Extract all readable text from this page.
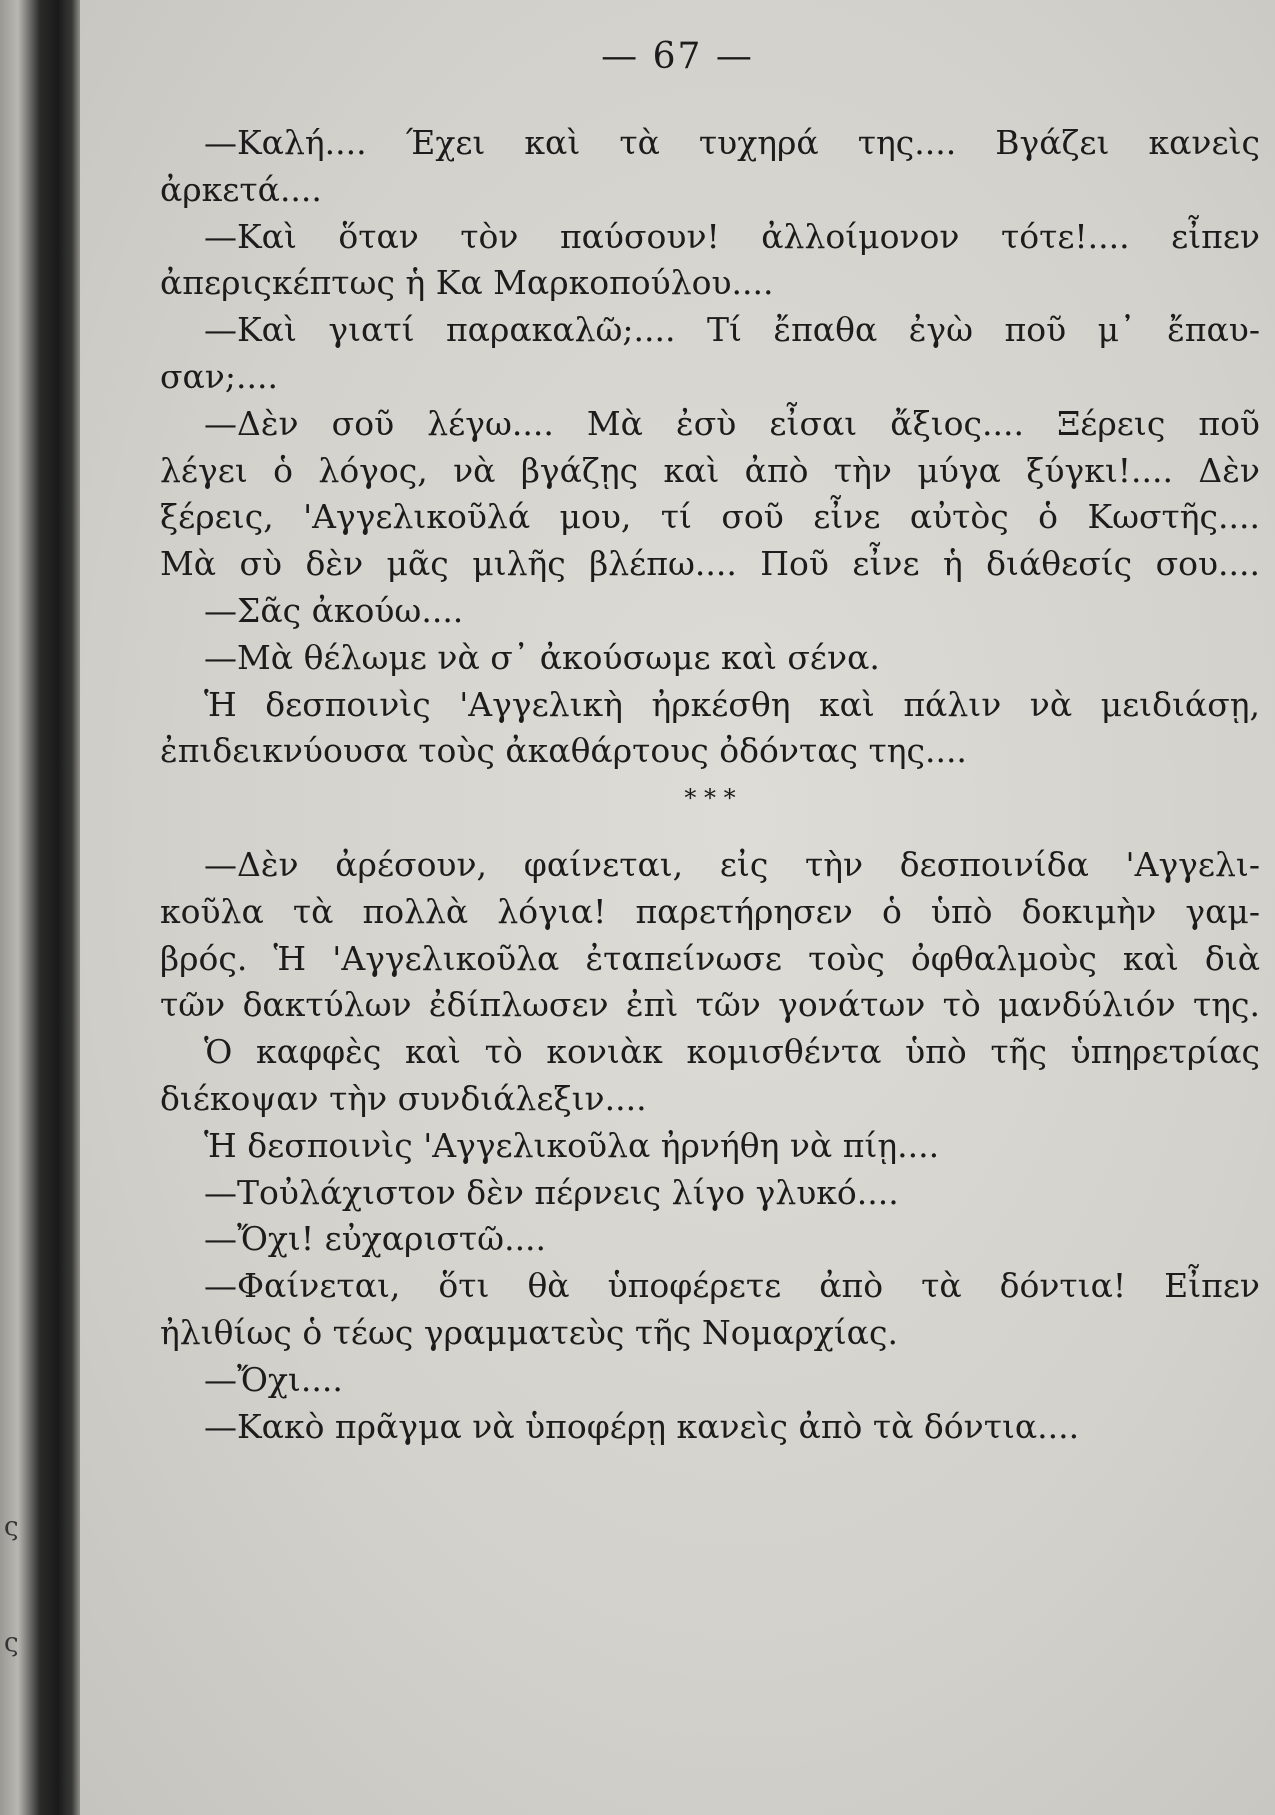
ς
ς
— 67 —
—Καλή.... Έχει καὶ τὰ τυχηρά της.... Βγάζει κανεὶς
ἀρκετά....
—Καὶ ὅταν τὸν παύσουν! ἀλλοίμονον τότε!.... εἶπεν
ἀπεριςκέπτως ἡ Κα Μαρκοπούλου....
—Καὶ γιατί παρακαλῶ;.... Τί ἔπαθα ἐγὼ ποῦ μ᾽ ἔπαυ-
σαν;....
—Δὲν σοῦ λέγω.... Μὰ ἐσὺ εἶσαι ἄξιος.... Ξέρεις ποῦ
λέγει ὁ λόγος, νὰ βγάζῃς καὶ ἀπὸ τὴν μύγα ξύγκι!.... Δὲν
ξέρεις, 'Αγγελικοῦλά μου, τί σοῦ εἶνε αὐτὸς ὁ Κωστῆς....
Μὰ σὺ δὲν μᾶς μιλῆς βλέπω.... Ποῦ εἶνε ἡ διάθεσίς σου....
—Σᾶς ἀκούω....
—Μὰ θέλωμε νὰ σ᾽ ἀκούσωμε καὶ σένα.
Ἡ δεσποινὶς 'Αγγελικὴ ἠρκέσθη καὶ πάλιν νὰ μειδιάσῃ,
ἐπιδεικνύουσα τοὺς ἀκαθάρτους ὀδόντας της....
* * *
—Δὲν ἀρέσουν, φαίνεται, εἰς τὴν δεσποινίδα 'Αγγελι-
κοῦλα τὰ πολλὰ λόγια! παρετήρησεν ὁ ὑπὸ δοκιμὴν γαμ-
βρός. Ἡ 'Αγγελικοῦλα ἐταπείνωσε τοὺς ὀφθαλμοὺς καὶ διὰ
τῶν δακτύλων ἐδίπλωσεν ἐπὶ τῶν γονάτων τὸ μανδύλιόν της.
Ὁ καφφὲς καὶ τὸ κονιὰκ κομισθέντα ὑπὸ τῆς ὑπηρετρίας
διέκοψαν τὴν συνδιάλεξιν....
Ἡ δεσποινὶς 'Αγγελικοῦλα ἠρνήθη νὰ πίῃ....
—Τοὐλάχιστον δὲν πέρνεις λίγο γλυκό....
—Ὄχι! εὐχαριστῶ....
—Φαίνεται, ὅτι θὰ ὑποφέρετε ἀπὸ τὰ δόντια! Εἶπεν
ἠλιθίως ὁ τέως γραμματεὺς τῆς Νομαρχίας.
—Ὄχι....
—Κακὸ πρᾶγμα νὰ ὑποφέρῃ κανεὶς ἀπὸ τὰ δόντια....
